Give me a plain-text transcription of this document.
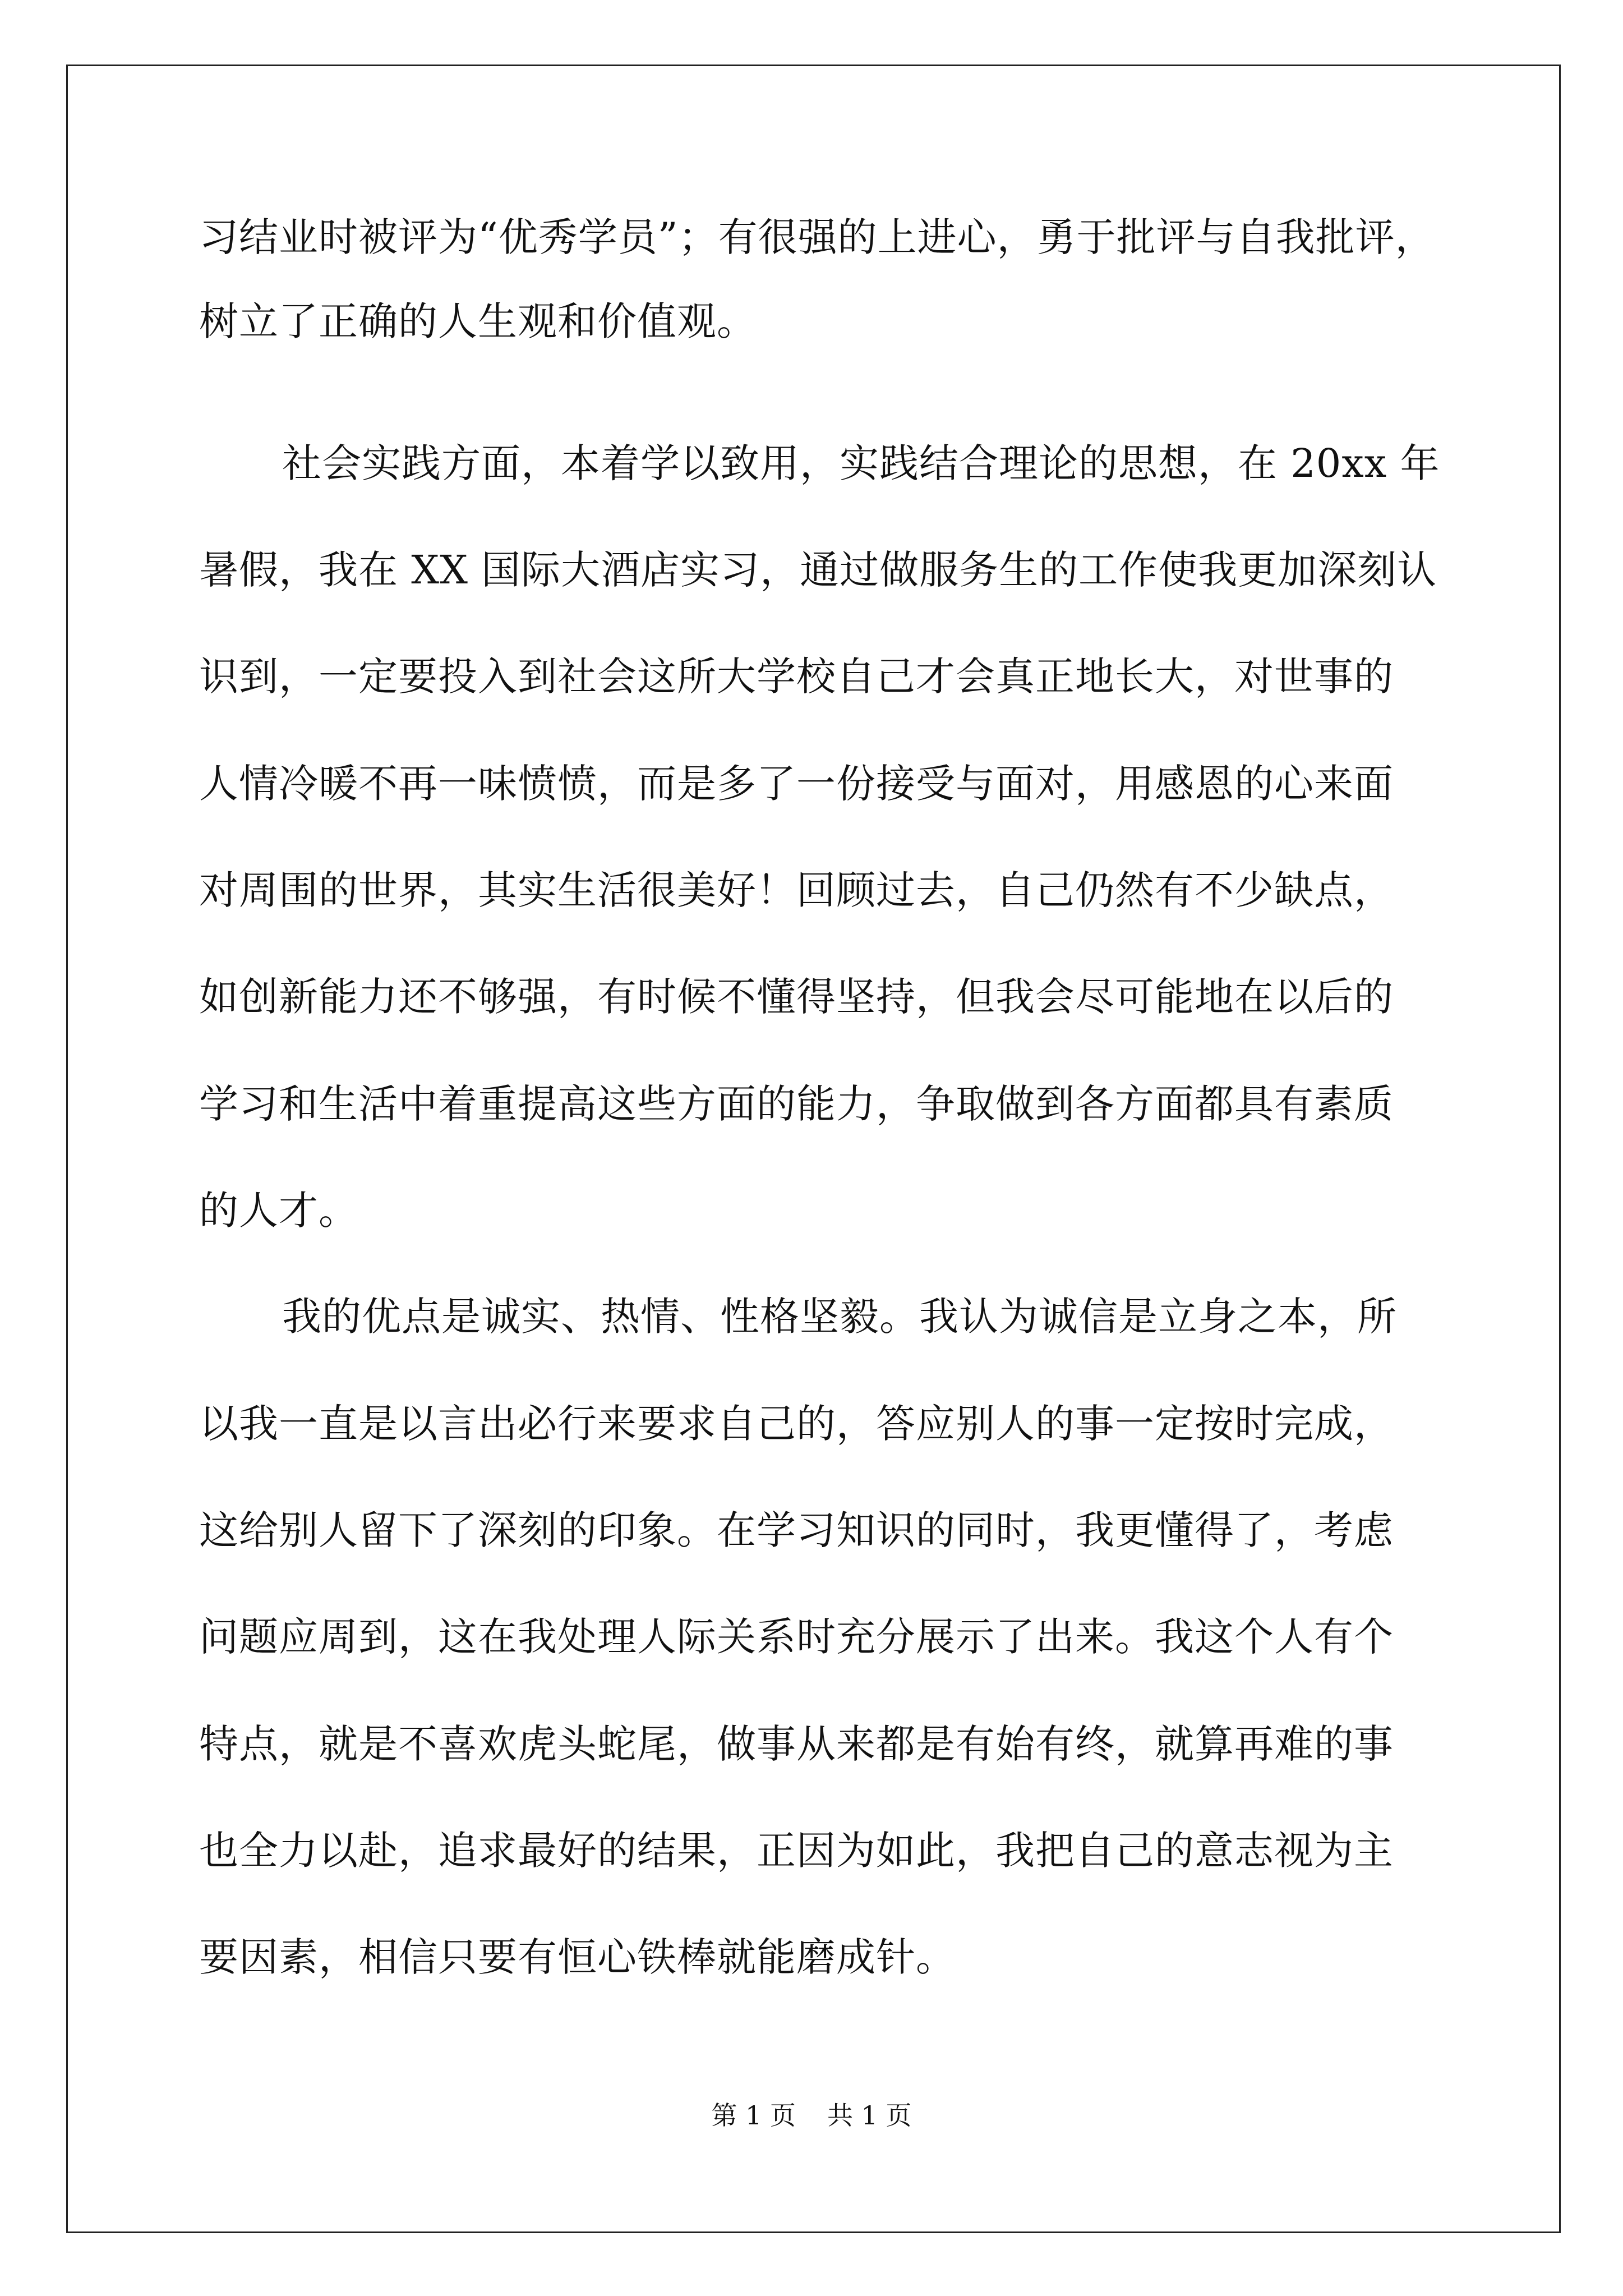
习结业时被评为“优秀学员”；有很强的上进心，勇于批评与自我批评，
树立了正确的人生观和价值观。
社会实践方面，本着学以致用，实践结合理论的思想，在 20xx 年
暑假，我在 XX 国际大酒店实习，通过做服务生的工作使我更加深刻认
识到，一定要投入到社会这所大学校自己才会真正地长大，对世事的
人情冷暖不再一味愤愤，而是多了一份接受与面对，用感恩的心来面
对周围的世界，其实生活很美好！回顾过去，自己仍然有不少缺点，
如创新能力还不够强，有时候不懂得坚持，但我会尽可能地在以后的
学习和生活中着重提高这些方面的能力，争取做到各方面都具有素质
的人才。
我的优点是诚实、热情、性格坚毅。我认为诚信是立身之本，所
以我一直是以言出必行来要求自己的，答应别人的事一定按时完成，
这给别人留下了深刻的印象。在学习知识的同时，我更懂得了，考虑
问题应周到，这在我处理人际关系时充分展示了出来。我这个人有个
特点，就是不喜欢虎头蛇尾，做事从来都是有始有终，就算再难的事
也全力以赴，追求最好的结果，正因为如此，我把自己的意志视为主
要因素，相信只要有恒心铁棒就能磨成针。
第 1 页 共 1 页
